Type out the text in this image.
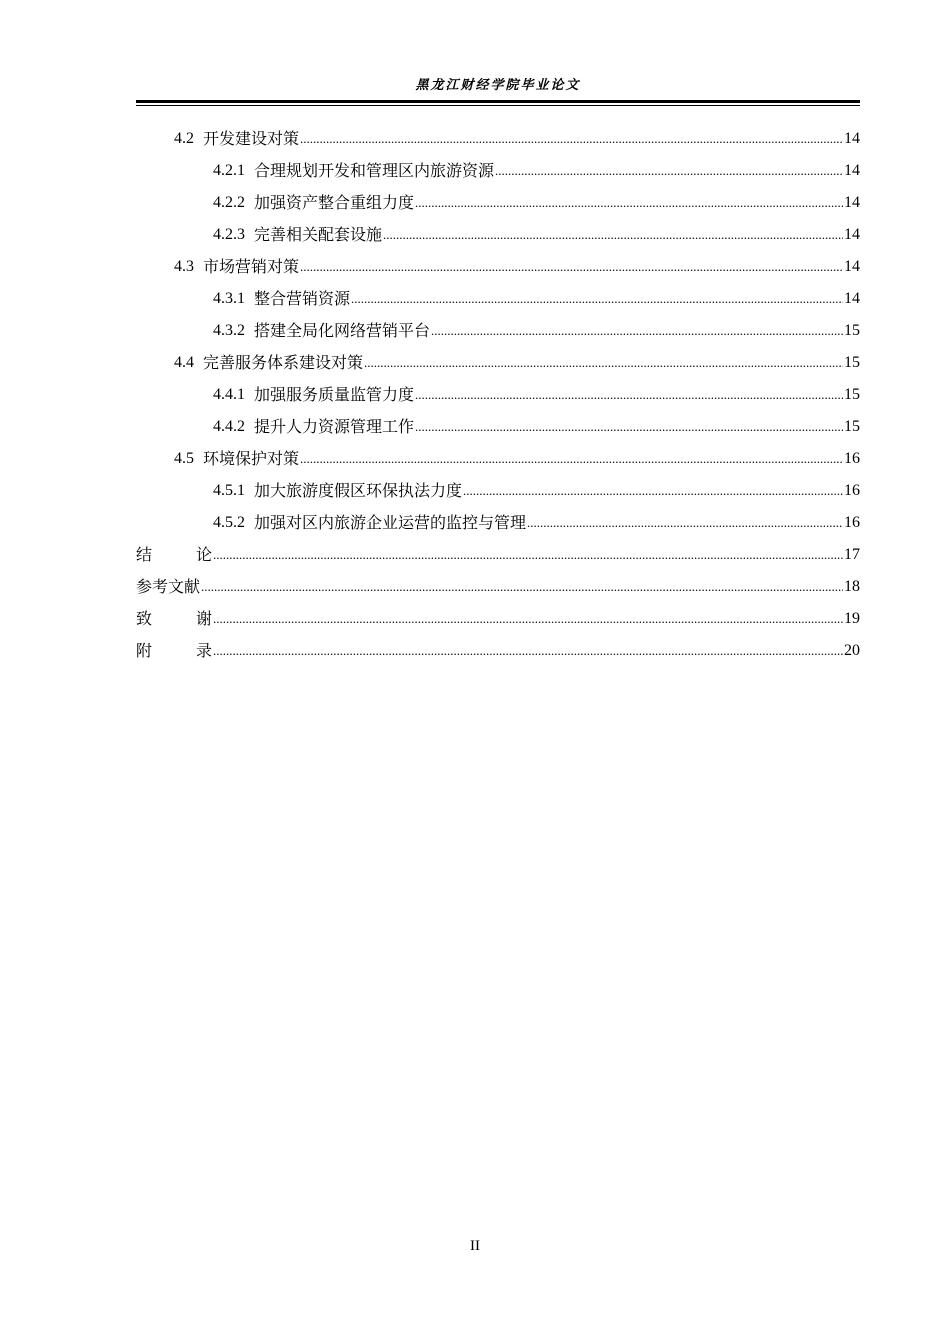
黑龙江财经学院毕业论文
4.2 开发建设对策 .....	14
4.2.1 合理规划开发和管理区内旅游资源 .....	14
4.2.2 加强资产整合重组力度 .....	14
4.2.3 完善相关配套设施 .....	14
4.3 市场营销对策 .....	14
4.3.1 整合营销资源 .....	14
4.3.2 搭建全局化网络营销平台 .....	15
4.4 完善服务体系建设对策 .....	15
4.4.1 加强服务质量监管力度 .....	15
4.4.2 提升人力资源管理工作 .....	15
4.5 环境保护对策 .....	16
4.5.1 加大旅游度假区环保执法力度 .....	16
4.5.2 加强对区内旅游企业运营的监控与管理 .....	16
结论 .....	17
参考文献 .....	18
致谢 .....	19
附录 .....	20
II
